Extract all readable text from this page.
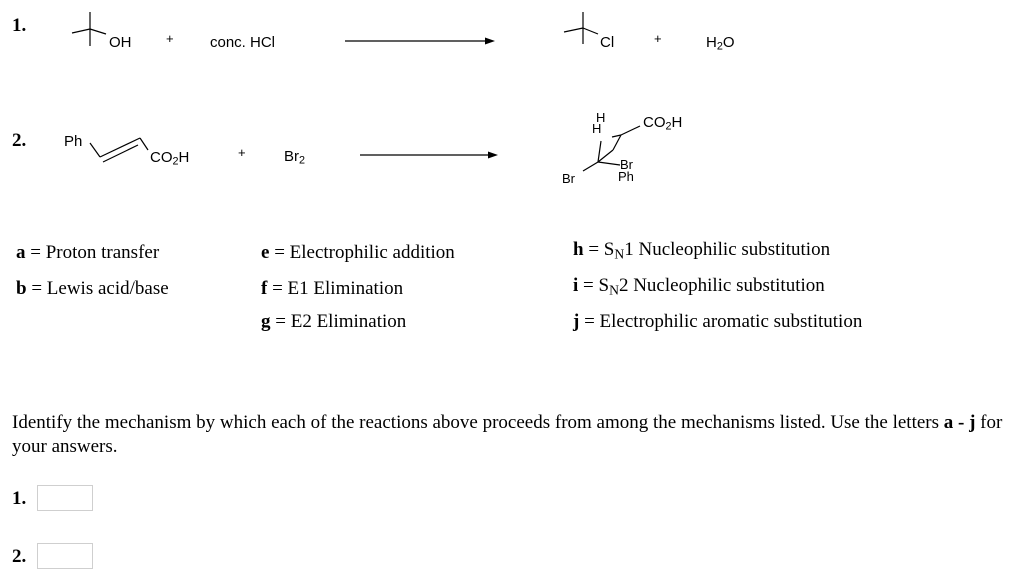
1.
OH	+ conc. HCl	Cl	+	$H_2O$
2.	Ph
$CO_2H$	+	$Br_2$
H
H	$CO_2H$
Br
Ph
Br
a = Proton transfer
b = Lewis acid/base
e = Electrophilic addition
f = E1 Elimination
g = E2 Elimination
$h = S_N1$ Nucleophilic substitution
$i = S_N2$ Nucleophilic substitution
j = Electrophilic aromatic substitution
Identify the mechanism by which each of the reactions above proceeds from among the mechanisms listed. Use the letters a - j for your answers.
1.
2.
